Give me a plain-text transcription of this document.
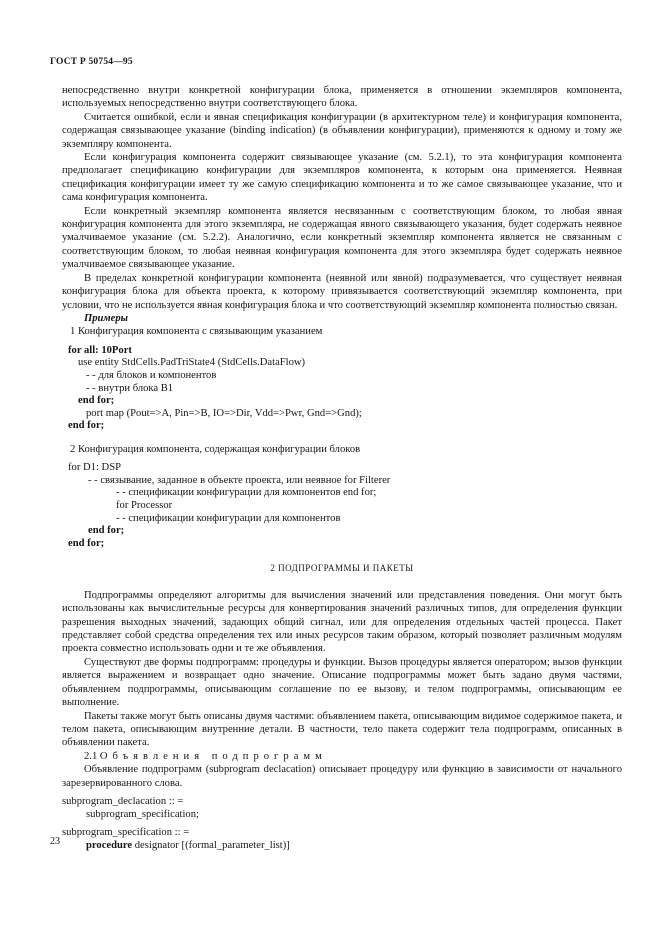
ГОСТ Р 50754—95

непосредственно внутри конкретной конфигурации блока, применяется в отношении экземпляров компонента, используемых непосредственно внутри соответствующего блока.

Считается ошибкой, если и явная спецификация конфигурации (в архитектурном теле) и конфигурация компонента, содержащая связывающее указание (binding indication) (в объявлении конфигурации), применяются к одному и тому же экземпляру компонента.

Если конфигурация компонента содержит связывающее указание (см. 5.2.1), то эта конфигурация компонента предполагает спецификацию конфигурации для экземпляров компонента, к которым она применяется. Неявная спецификация конфигурации имеет ту же самую спецификацию компонента и то же самое связывающее указание, что и сама конфигурация компонента.

Если конкретный экземпляр компонента является несвязанным с соответствующим блоком, то любая явная конфигурация компонента для этого экземпляра, не содержащая явного связывающего указания, будет содержать неявное умалчиваемое указание (см. 5.2.2). Аналогично, если конкретный экземпляр компонента является не связанным с соответствующим блоком, то любая неявная конфигурация компонента для этого экземпляра будет содержать неявное умалчиваемое связывающее указание.

В пределах конкретной конфигурации компонента (неявной или явной) подразумевается, что существует неявная конфигурация блока для объекта проекта, к которому привязывается соответствующий экземпляр компонента, при условии, что не используется явная конфигурация блока и что соответствующий экземпляр компонента полностью связан.

Примеры
1 Конфигурация компонента с связывающим указанием
for all: 10Port
use entity StdCells.PadTriState4 (StdCells.DataFlow)
- - для блоков и компонентов
- - внутри блока B1
end for;
port map (Pout=>A, Pin=>B, IO=>Dir, Vdd=>Pwr, Gnd=>Gnd);
end for;
2 Конфигурация компонента, содержащая конфигурации блоков
for D1: DSP
- - связывание, заданное в объекте проекта, или неявное for Filterer
- - спецификации конфигурации для компонентов end for;
for Processor
- - спецификации конфигурации для компонентов
end for;
end for;
2 ПОДПРОГРАММЫ И ПАКЕТЫ

Подпрограммы определяют алгоритмы для вычисления значений или представления поведения. Они могут быть использованы как вычислительные ресурсы для конвертирования значений различных типов, для определения функции разрешения выходных значений, задающих общий сигнал, или для определения отдельных частей процесса. Пакет представляет собой средства определения тех или иных ресурсов таким образом, который позволяет различным модулям проекта совместно использовать одни и те же объявления.

Существуют две формы подпрограмм: процедуры и функции. Вызов процедуры является оператором; вызов функции является выражением и возвращает одно значение. Описание подпрограммы может быть задано двумя частями, объявлением подпрограммы, описывающим соглашение по ее вызову, и телом подпрограммы, описывающим ее выполнение.

Пакеты также могут быть описаны двумя частями: объявлением пакета, описывающим видимое содержимое пакета, и телом пакета, описывающим внутренние детали. В частности, тело пакета содержит тела подпрограмм, описанных в объявлении пакета.

2.1 Объявления подпрограмм

Объявление подпрограмм (subprogram declacation) описывает процедуру или функцию в зависимости от начального зарезервированного слова.

subprogram_declacation :: =
subprogram_specification;
subprogram_specification :: =
procedure designator [(formal_parameter_list)]
23
